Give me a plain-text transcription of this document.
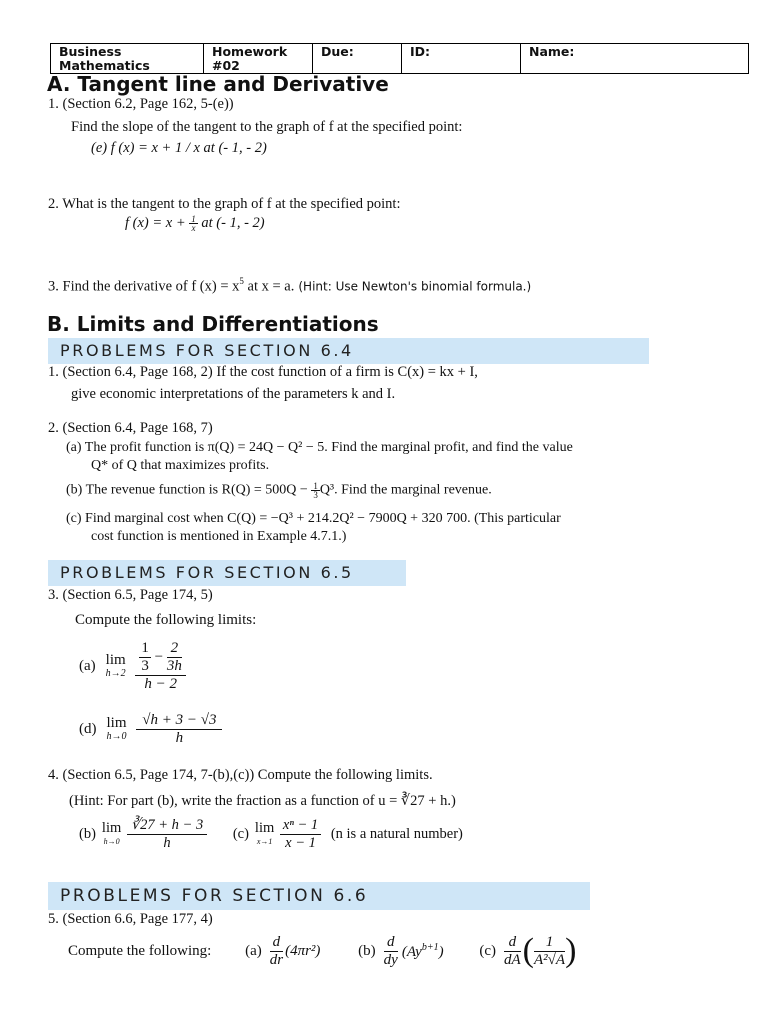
Business Mathematics	Homework #02	Due:	ID:	Name:
A. Tangent line and Derivative
1. (Section 6.2, Page 162, 5-(e))
Find the slope of the tangent to the graph of f at the specified point:
(e) f (x) = x + 1 / x at (- 1, - 2)
2. What is the tangent to the graph of f at the specified point:
f $(x) = x + \frac{1}{x}$ at (- 1, - 2)
3. Find the derivative of f $(x) = x^5$ at x = a. (Hint: Use Newton's binomial formula.)
B. Limits and Differentiations
PROBLEMS FOR SECTION 6.4
1. (Section 6.4, Page 168, 2) If the cost function of a firm is C(x) = kx + I,
give economic interpretations of the parameters k and I.
2. (Section 6.4, Page 168, 7)
(a) The profit function is π(Q) = 24Q − Q² − 5. Find the marginal profit, and find the value
Q* of Q that maximizes profits.
(b) The revenue function is $R(Q) = 500Q - \frac{1}{3} Q^3$. Find the marginal revenue.
(c) Find marginal cost when C(Q) = −Q³ + 214.2Q² − 7900Q + 320 700. (This particular
cost function is mentioned in Example 4.7.1.)
PROBLEMS FOR SECTION 6.5
3. (Section 6.5, Page 174, 5)
Compute the following limits:
(a) lim
h→2
$\frac{\frac{1}{3} - \frac{2}{3h}}{h - 2}$
(d) lim
h→0
$\frac{√h + 3 - √3}{h}$
4. (Section 6.5, Page 174, 7-(b),(c)) Compute the following limits.
(Hint: For part (b), write the fraction as a function of u = ∛27 + h.)
(b) lim
h→0
$\frac{∛27 + h - 3}{h} (c)$ lim
x→1
$\frac{\text{xⁿ − 1}}{x - 1} (n$ is a natural number)
PROBLEMS FOR SECTION 6.6
5. (Section 6.6, Page 177, 4)
Compute the following: $(a) \frac{d}{dr} (4\pi r^2)$	$(b) \frac{d}{dy} (Ay^{b+1})$ $(c) \frac{d}{dA}$ ( $\frac{1}{\text{A²√A}}$ )
